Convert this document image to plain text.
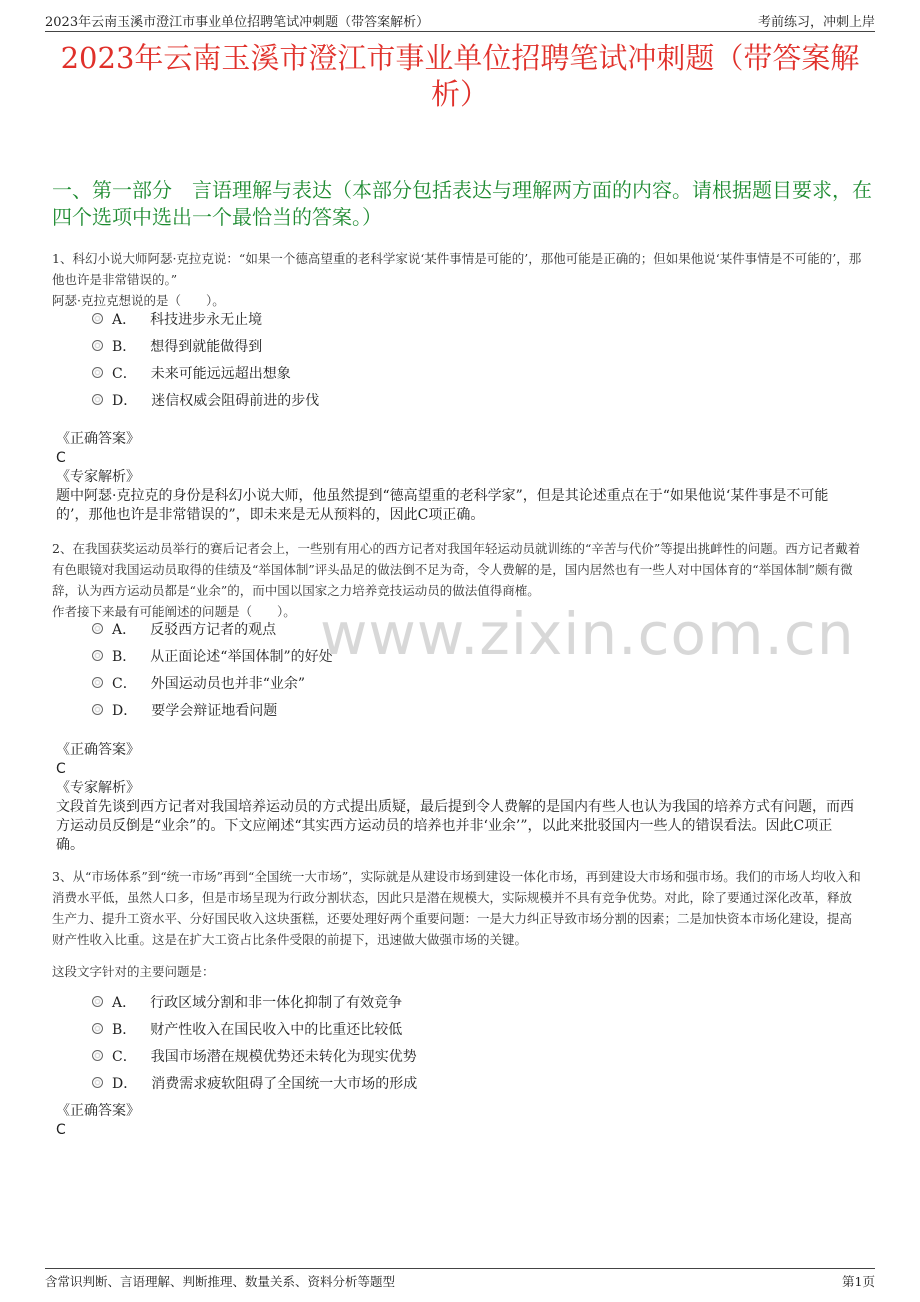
2023年云南玉溪市澄江市事业单位招聘笔试冲刺题（带答案解析）	考前练习，冲刺上岸
2023年云南玉溪市澄江市事业单位招聘笔试冲刺题（带答案解析）
一、第一部分　言语理解与表达（本部分包括表达与理解两方面的内容。请根据题目要求，在四个选项中选出一个最恰当的答案。）
www.zixin.com.cn
1、科幻小说大师阿瑟·克拉克说：“如果一个德高望重的老科学家说‘某件事情是可能的’，那他可能是正确的；但如果他说‘某件事情是不可能的’，那他也许是非常错误的。”
阿瑟·克拉克想说的是（　　）。
A． 科技进步永无止境
B． 想得到就能做得到
C． 未来可能远远超出想象
D． 迷信权威会阻碍前进的步伐
《正确答案》
C
《专家解析》
题中阿瑟·克拉克的身份是科幻小说大师，他虽然提到“德高望重的老科学家”，但是其论述重点在于“如果他说‘某件事是不可能的’，那他也许是非常错误的”，即未来是无从预料的，因此C项正确。
2、在我国获奖运动员举行的赛后记者会上，一些别有用心的西方记者对我国年轻运动员就训练的“辛苦与代价”等提出挑衅性的问题。西方记者戴着有色眼镜对我国运动员取得的佳绩及“举国体制”评头品足的做法倒不足为奇，令人费解的是，国内居然也有一些人对中国体育的“举国体制”颇有微辞，认为西方运动员都是“业余”的，而中国以国家之力培养竞技运动员的做法值得商榷。
作者接下来最有可能阐述的问题是（　　）。
A． 反驳西方记者的观点
B． 从正面论述“举国体制”的好处
C． 外国运动员也并非“业余”
D． 要学会辩证地看问题
《正确答案》
C
《专家解析》
文段首先谈到西方记者对我国培养运动员的方式提出质疑，最后提到令人费解的是国内有些人也认为我国的培养方式有问题，而西方运动员反倒是“业余”的。下文应阐述“其实西方运动员的培养也并非‘业余’”，以此来批驳国内一些人的错误看法。因此C项正确。
3、从“市场体系”到“统一市场”再到“全国统一大市场”，实际就是从建设市场到建设一体化市场，再到建设大市场和强市场。我们的市场人均收入和消费水平低，虽然人口多，但是市场呈现为行政分割状态，因此只是潜在规模大，实际规模并不具有竞争优势。对此，除了要通过深化改革，释放生产力、提升工资水平、分好国民收入这块蛋糕，还要处理好两个重要问题：一是大力纠正导致市场分割的因素；二是加快资本市场化建设，提高财产性收入比重。这是在扩大工资占比条件受限的前提下，迅速做大做强市场的关键。
这段文字针对的主要问题是：
A． 行政区域分割和非一体化抑制了有效竞争
B． 财产性收入在国民收入中的比重还比较低
C． 我国市场潜在规模优势还未转化为现实优势
D． 消费需求疲软阻碍了全国统一大市场的形成
《正确答案》
C
含常识判断、言语理解、判断推理、数量关系、资料分析等题型	第1页
